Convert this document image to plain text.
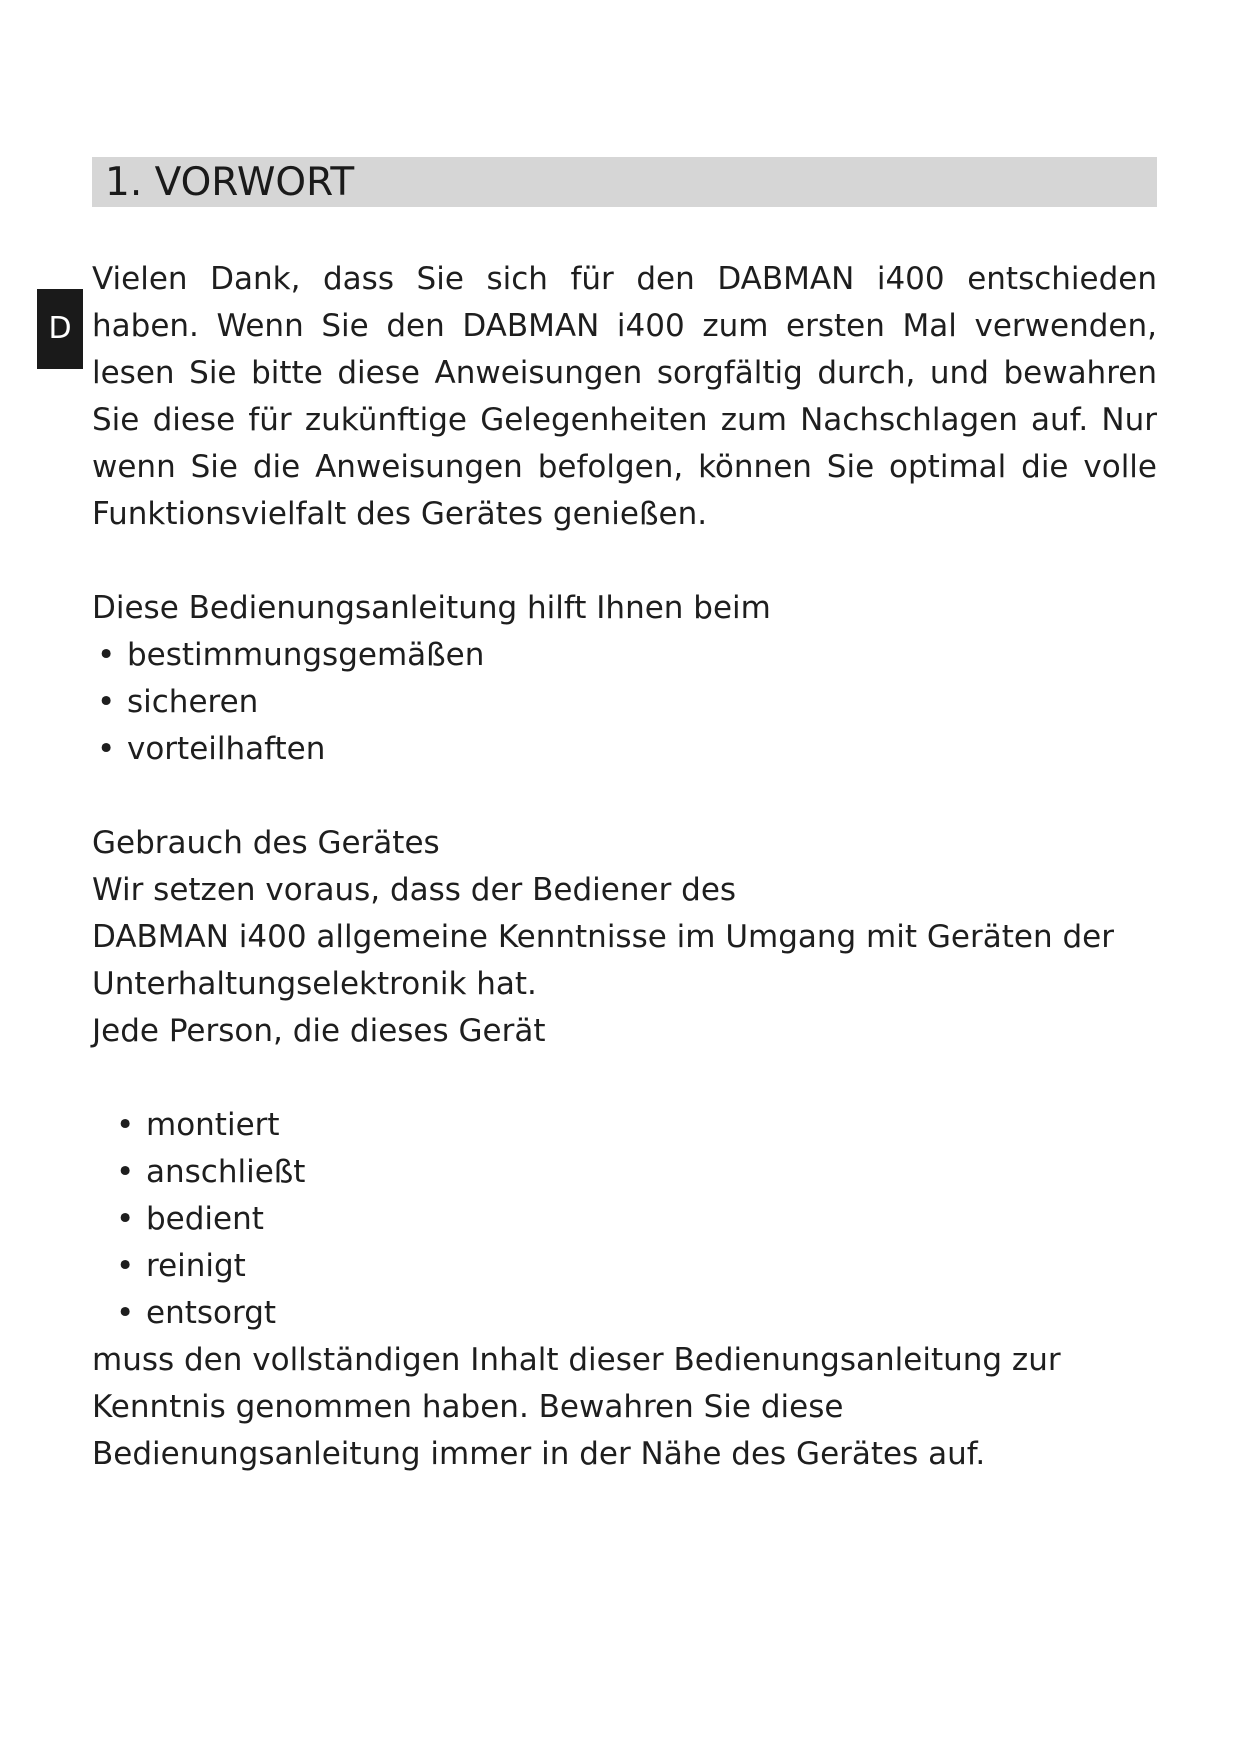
1. VORWORT
D

Vielen Dank, dass Sie sich für den DABMAN i400 entschieden haben. Wenn Sie den DABMAN i400 zum ersten Mal verwenden, lesen Sie bitte diese Anweisungen sorgfältig durch, und bewahren Sie diese für zukünftige Gelegenheiten zum Nachschlagen auf. Nur wenn Sie die Anweisungen befolgen, können Sie optimal die volle Funktionsvielfalt des Gerätes genießen.

Diese Bedienungsanleitung hilft Ihnen beim

• bestimmungsgemäßen
• sicheren
• vorteilhaften

Gebrauch des Gerätes

Wir setzen voraus, dass der Bediener des

DABMAN i400 allgemeine Kenntnisse im Umgang mit Geräten der

Unterhaltungselektronik hat.

Jede Person, die dieses Gerät

• montiert
• anschließt
• bedient
• reinigt
• entsorgt

muss den vollständigen Inhalt dieser Bedienungsanleitung zur

Kenntnis genommen haben. Bewahren Sie diese

Bedienungsanleitung immer in der Nähe des Gerätes auf.
